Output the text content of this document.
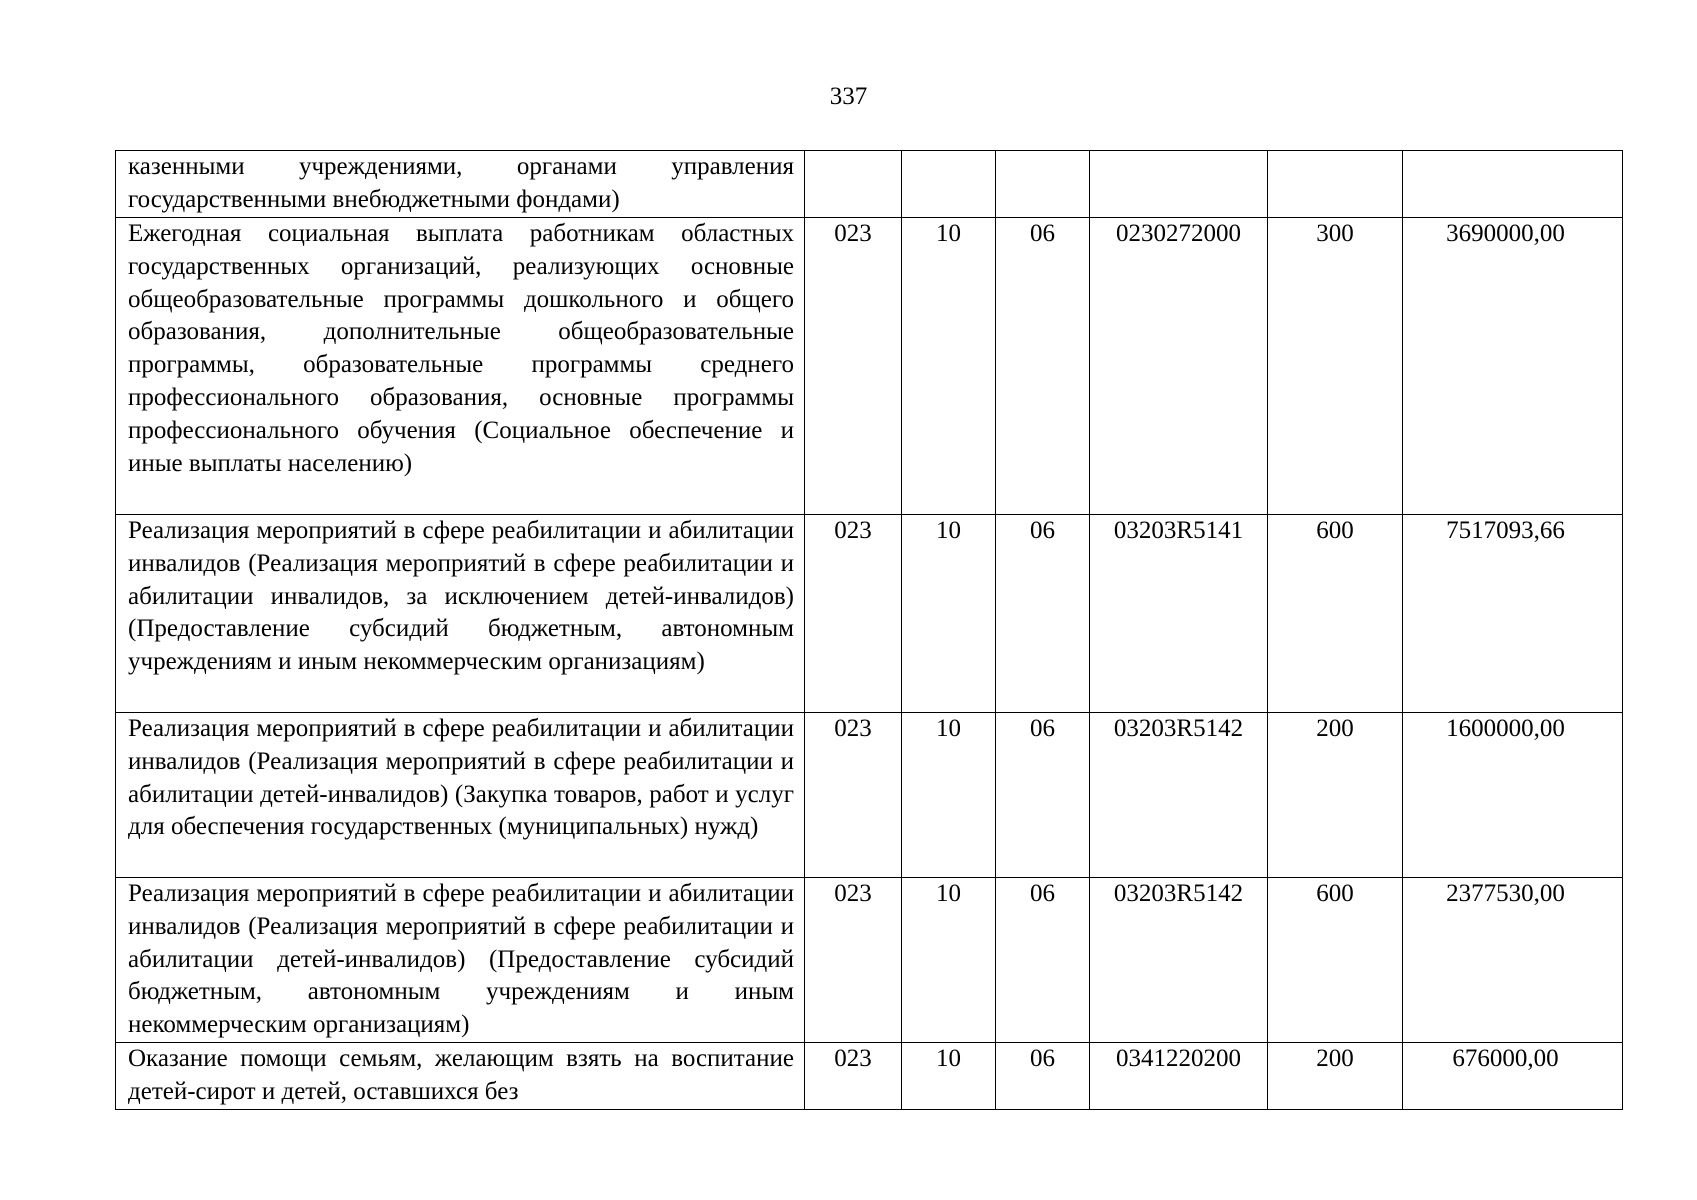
337
казенными учреждениями, органами управления государственными внебюджетными фондами)						

Ежегодная социальная выплата работникам областных государственных организаций, реализующих основные общеобразовательные программы дошкольного и общего образования, дополнительные общеобразовательные программы, образовательные программы среднего профессионального образования, основные программы профессионального обучения (Социальное обеспечение и иные выплаты населению)	023	10	06	0230272000	300	3690000,00

Реализация мероприятий в сфере реабилитации и абилитации инвалидов (Реализация мероприятий в сфере реабилитации и абилитации инвалидов, за исключением детей-инвалидов) (Предоставление субсидий бюджетным, автономным учреждениям и иным некоммерческим организациям)	023	10	06	03203R5141	600	7517093,66

Реализация мероприятий в сфере реабилитации и абилитации инвалидов (Реализация мероприятий в сфере реабилитации и абилитации детей-инвалидов) (Закупка товаров, работ и услуг для обеспечения государственных (муниципальных) нужд)	023	10	06	03203R5142	200	1600000,00

Реализация мероприятий в сфере реабилитации и абилитации инвалидов (Реализация мероприятий в сфере реабилитации и абилитации детей-инвалидов) (Предоставление субсидий бюджетным, автономным учреждениям и иным некоммерческим организациям)	023	10	06	03203R5142	600	2377530,00

Оказание помощи семьям, желающим взять на воспитание детей-сирот и детей, оставшихся без	023	10	06	0341220200	200	676000,00
